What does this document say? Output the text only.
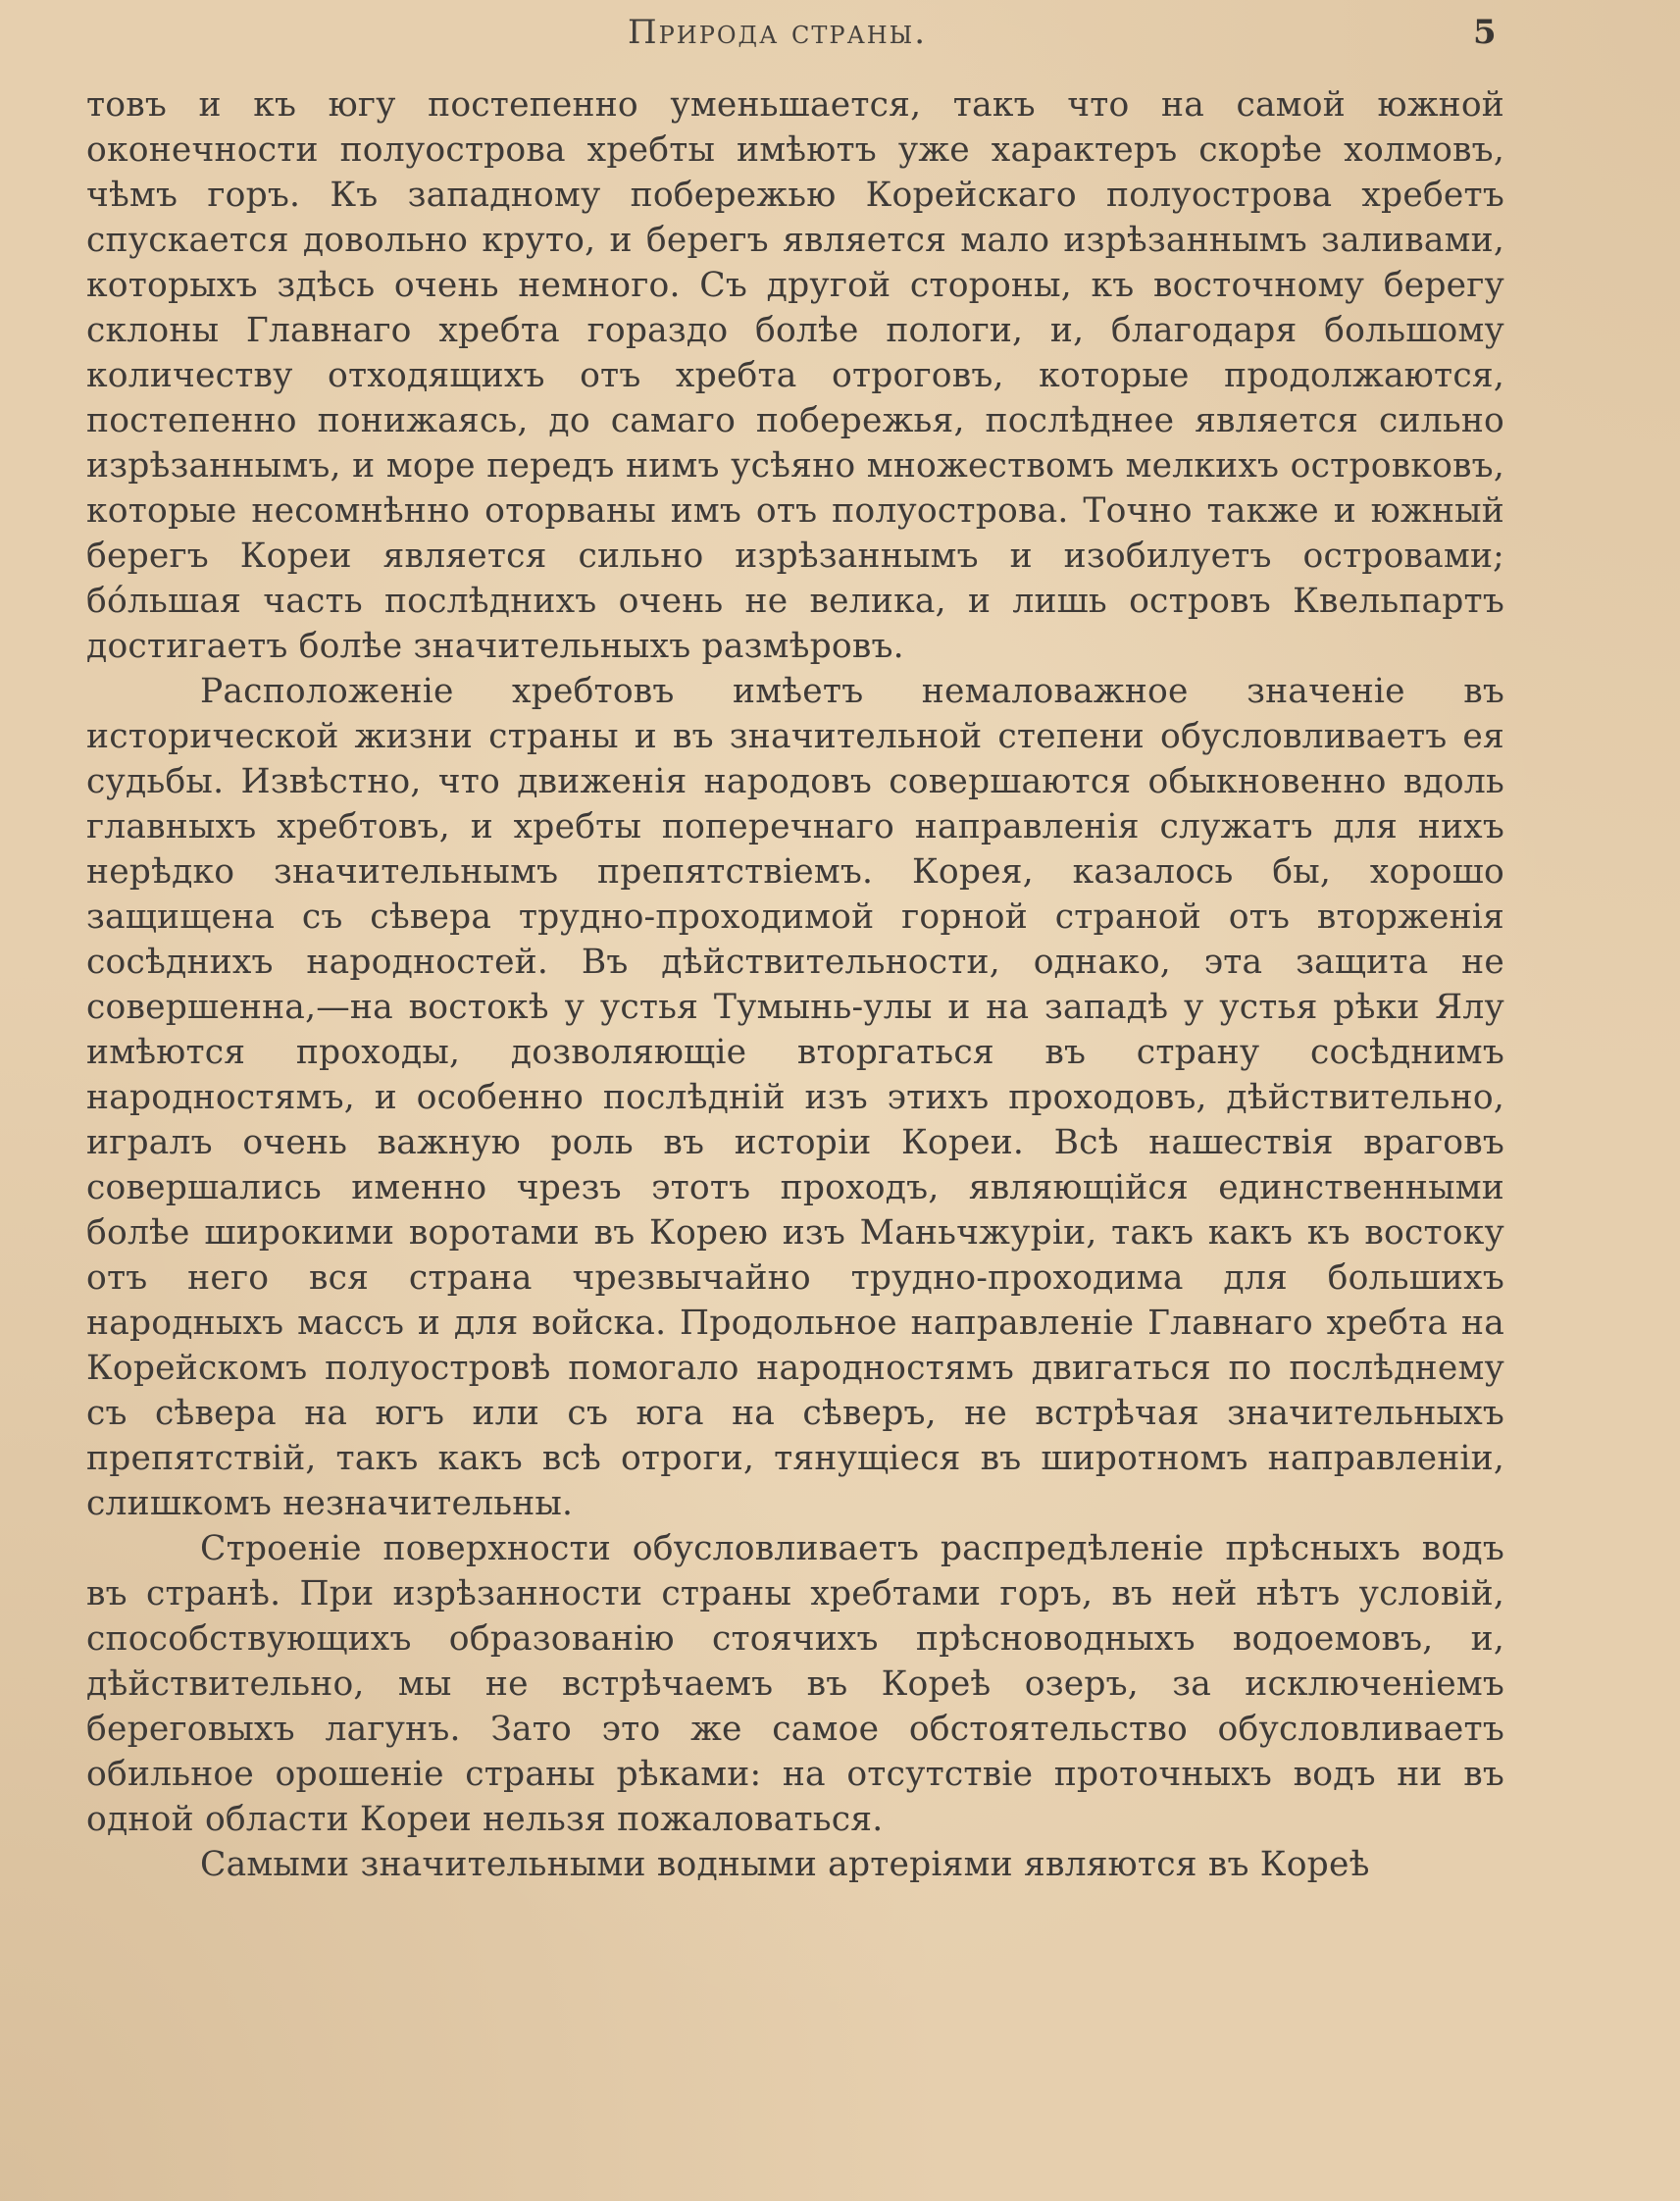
Природа страны.	5

товъ и къ югу постепенно уменьшается, такъ что на самой южной оконечности полуострова хребты имѣютъ уже характеръ скорѣе холмовъ, чѣмъ горъ. Къ западному побережью Корейскаго полуострова хребетъ спускается довольно круто, и берегъ является мало изрѣзаннымъ заливами, которыхъ здѣсь очень немного. Съ другой стороны, къ восточному берегу склоны Главнаго хребта гораздо болѣе пологи, и, благодаря большому количеству отходящихъ отъ хребта отроговъ, которые продолжаются, постепенно понижаясь, до самаго побережья, послѣднее является сильно изрѣзаннымъ, и море передъ нимъ усѣяно множествомъ мелкихъ островковъ, которые несомнѣнно оторваны имъ отъ полуострова. Точно также и южный берегъ Кореи является сильно изрѣзаннымъ и изобилуетъ островами; бóльшая часть послѣднихъ очень не велика, и лишь островъ Квельпартъ достигаетъ болѣе значительныхъ размѣровъ.

Расположенiе хребтовъ имѣетъ немаловажное значенiе въ исторической жизни страны и въ значительной степени обусловливаетъ ея судьбы. Извѣстно, что движенiя народовъ совершаются обыкновенно вдоль главныхъ хребтовъ, и хребты поперечнаго направленiя служатъ для нихъ нерѣдко значительнымъ препятствiемъ. Корея, казалось бы, хорошо защищена съ сѣвера трудно-проходимой горной страной отъ вторженiя сосѣднихъ народностей. Въ дѣйствительности, однако, эта защита не совершенна,—на востокѣ у устья Тумынь-улы и на западѣ у устья рѣки Ялу имѣются проходы, дозволяющiе вторгаться въ страну сосѣднимъ народностямъ, и особенно послѣднiй изъ этихъ проходовъ, дѣйствительно, игралъ очень важную роль въ исторiи Кореи. Всѣ нашествiя враговъ совершались именно чрезъ этотъ проходъ, являющiйся единственными болѣе широкими воротами въ Корею изъ Маньчжурiи, такъ какъ къ востоку отъ него вся страна чрезвычайно трудно-проходима для большихъ народныхъ массъ и для войска. Продольное направленiе Главнаго хребта на Корейскомъ полуостровѣ помогало народностямъ двигаться по послѣднему съ сѣвера на югъ или съ юга на сѣверъ, не встрѣчая значительныхъ препятствiй, такъ какъ всѣ отроги, тянущiеся въ широтномъ направленiи, слишкомъ незначительны.

Строенiе поверхности обусловливаетъ распредѣленiе прѣсныхъ водъ въ странѣ. При изрѣзанности страны хребтами горъ, въ ней нѣтъ условiй, способствующихъ образованiю стоячихъ прѣсноводныхъ водоемовъ, и, дѣйствительно, мы не встрѣчаемъ въ Кореѣ озеръ, за исключенiемъ береговыхъ лагунъ. Зато это же самое обстоятельство обусловливаетъ обильное орошенiе страны рѣками: на отсутствiе проточныхъ водъ ни въ одной области Кореи нельзя пожаловаться.

Самыми значительными водными артерiями являются въ Кореѣ
